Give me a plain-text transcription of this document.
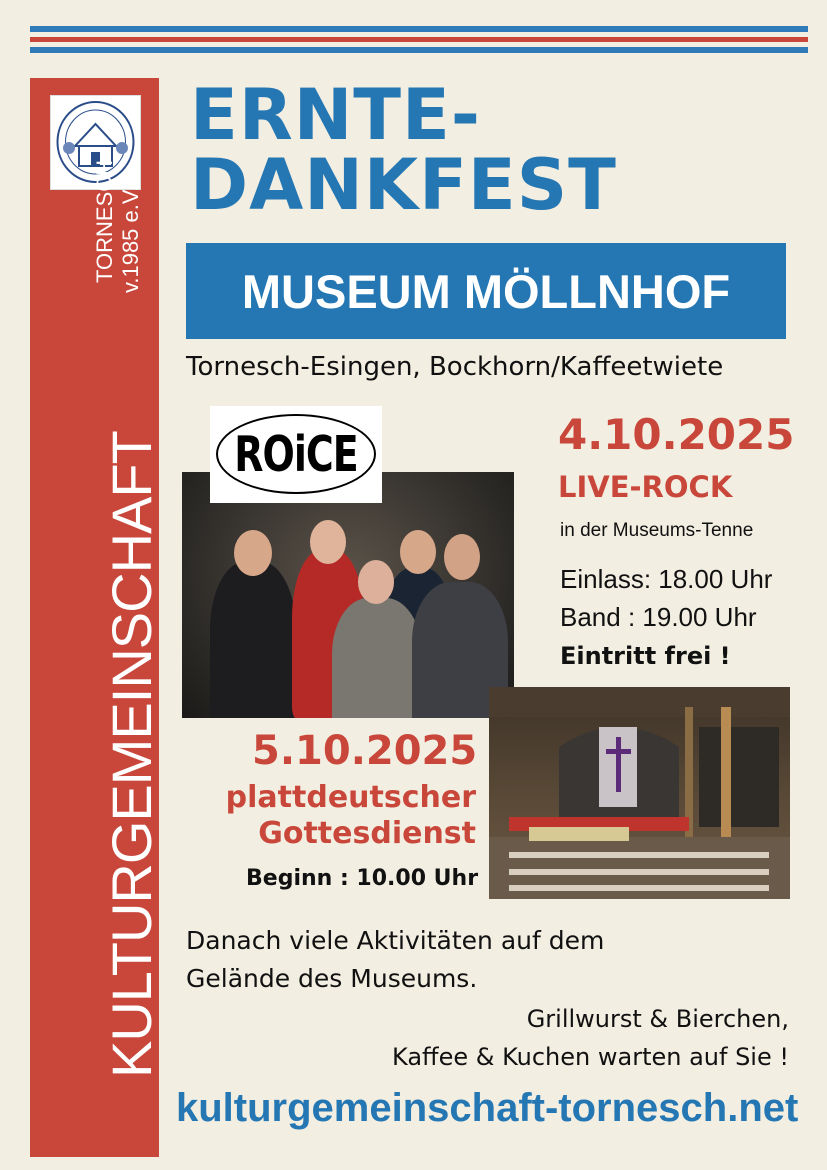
KULTURGEMEINSCHAFT
TORNESCH v.1985 e.V.
ERNTE-
DANKFEST
MUSEUM MÖLLNHOF
Tornesch-Esingen, Bockhorn/Kaffeetwiete
ROiCE	4.10.2025
LIVE-ROCK
in der Museums-Tenne
Einlass: 18.00 Uhr
Band : 19.00 Uhr
Eintritt frei !
5.10.2025
plattdeutscher
Gottesdienst
Beginn : 10.00 Uhr
Danach viele Aktivitäten auf dem
Gelände des Museums.
Grillwurst & Bierchen,
Kaffee & Kuchen warten auf Sie !
kulturgemeinschaft-tornesch.net
